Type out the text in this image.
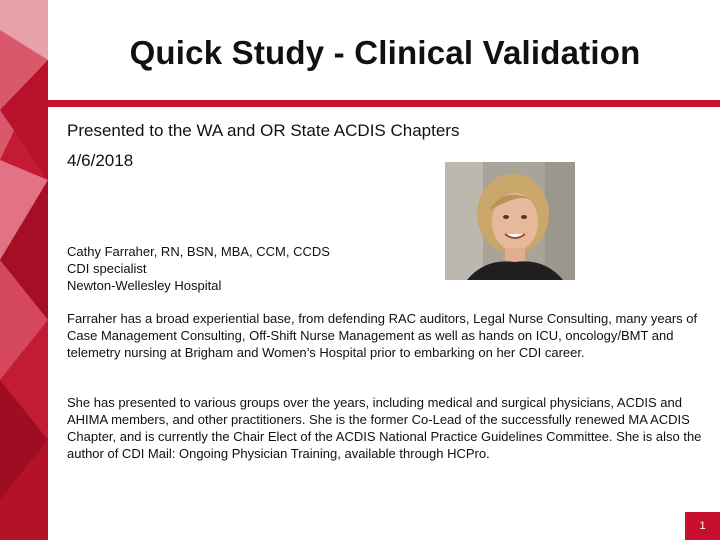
Quick Study - Clinical Validation
Presented to the WA and OR State ACDIS Chapters
4/6/2018
Cathy Farraher, RN, BSN, MBA, CCM, CCDS
CDI specialist
Newton-Wellesley Hospital
Farraher has a broad experiential base, from defending RAC auditors, Legal Nurse Consulting, many years of Case Management Consulting, Off-Shift Nurse Management as well as hands on ICU, oncology/BMT and telemetry nursing at Brigham and Women’s Hospital prior to embarking on her CDI career.
She has presented to various groups over the years, including medical and surgical physicians, ACDIS and AHIMA members, and other practitioners. She is the former Co-Lead of the successfully renewed MA ACDIS Chapter, and is currently the Chair Elect of the ACDIS National Practice Guidelines Committee. She is also the author of CDI Mail: Ongoing Physician Training, available through HCPro.
1
